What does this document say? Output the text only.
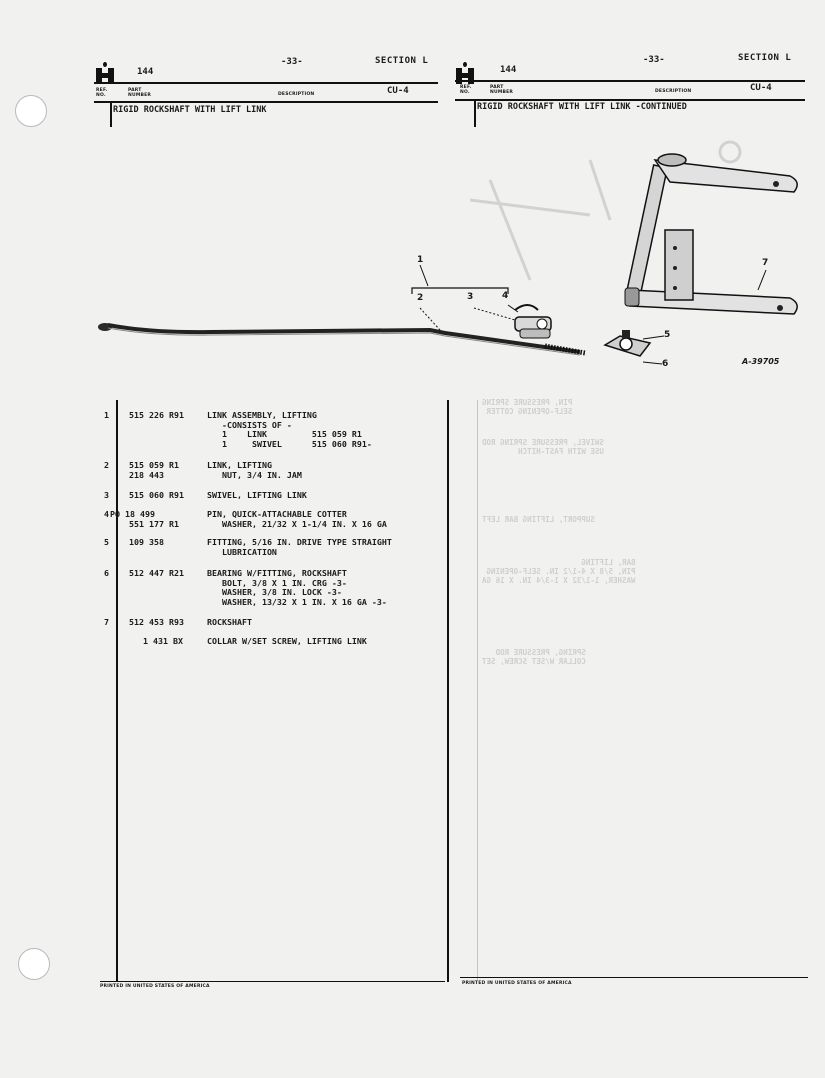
144
-33-	SECTION L
REF.
NO.
PART
NUMBER	DESCRIPTION	CU-4
RIGID ROCKSHAFT WITH LIFT LINK
144
-33-	SECTION L
REF.
NO.
PART
NUMBER	DESCRIPTION	CU-4
RIGID ROCKSHAFT WITH LIFT LINK -CONTINUED
1
2	3	4
5
6
7
A-39705
1	515 226 R91	LINK ASSEMBLY, LIFTING
-CONSISTS OF -
1    LINK         515 059 R1
1     SWIVEL      515 060 R91-
2	515 059 R1	LINK, LIFTING
218 443	NUT, 3/4 IN. JAM
3	515 060 R91	SWIVEL, LIFTING LINK
4 PO 18 499	PIN, QUICK-ATTACHABLE COTTER
551 177 R1	WASHER, 21/32 X 1-1/4 IN. X 16 GA
5	109 358	FITTING, 5/16 IN. DRIVE TYPE STRAIGHT
LUBRICATION
6	512 447 R21	BEARING W/FITTING, ROCKSHAFT
BOLT, 3/8 X 1 IN. CRG -3-
WASHER, 3/8 IN. LOCK -3-
WASHER, 13/32 X 1 IN. X 16 GA -3-
7	512 453 R93	ROCKSHAFT
1 431 BX	COLLAR W/SET SCREW, LIFTING LINK
PIN, PRESSURE SPRING
SELF-OPENING COTTER
SWIVEL, PRESSURE SPRING ROD
USE WITH FAST-HITCH
SUPPORT, LIFTING BAR LEFT
BAR, LIFTING
PIN, 5/8 X 4-1/2 IN. SELF-OPENING
WASHER, 1-1/32 X 1-3/4 IN. X 16 GA
SPRING, PRESSURE ROD
COLLAR W/SET SCREW, SET
PRINTED IN UNITED STATES OF AMERICA
PRINTED IN UNITED STATES OF AMERICA
